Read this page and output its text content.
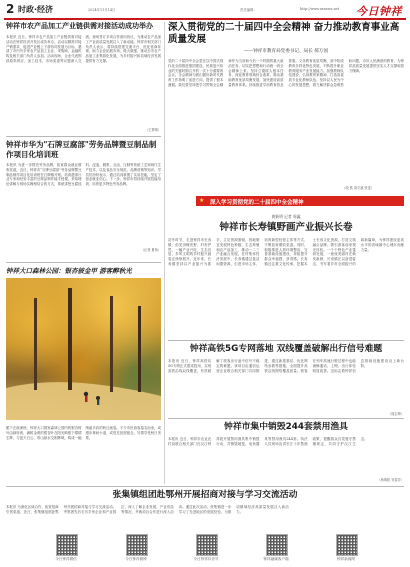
2 时政·经济	2024年11月14日	责任编辑：	http://www.zxnews.net 今日钟祥
钟祥市农产品加工产业链供需对接活动成功举办
本报讯 近日，钟祥市农产品加工产业链供需对接活动在钟祥经济开发区成功举办。活动以精准对接产销需求，促进产业链上下游协同发展为目标，邀请了市内外多家农产品加工企业、采购商、金融机构及相关部门负责人参加。活动现场，企业代表围绕原料供应、加工技术、市场渠道等议题深入交流，现场签订多项合作意向协议，为推动农产品加工产业高质量发展注入了新动能。钟祥市相关部门负责人表示，将持续搭建交流平台，优化营商环境，助力企业拓展市场、做大做强，推动全市农产品加工业集群化发展，为乡村振兴和县域经济发展提供有力支撑。
（王梦晴）
深入贯彻党的二十届四中全会精神 奋力推动教育事业高质量发展
——钟祥市教育局党委书记、局长 郝万国
党的二十届四中全会是在以中国式现代化全面推进强国建设、民族复兴伟业的关键时期召开的一次十分重要的会议。全会精神为我们做好新时代教育工作指明了前进方向、提供了根本遵循。我们要坚持把学习贯彻全会精神作为当前和今后一个时期的重大政治任务，切实把思想和行动统一到全会精神上来。坚持立德树人根本任务，深化教育领域综合改革，推动基础教育优质均衡发展，加快建设高质量教育体系。持续推进学前教育普及普惠、义务教育优质均衡、高中阶段教育多样化特色发展，不断提升职业教育服务产业发展能力。加强教师队伍建设，弘扬教育家精神，打造高素质专业化教师队伍。坚持以人民为中心的发展思想，着力解决群众急难愁盼问题，办好人民满意的教育，为钟祥高质量发展提供坚实人才支撑和智力保障。
（段 燕 周天斌 张雯）
★ 深入学习贯彻党的二十届四中全会精神
钟祥市华为"石牌豆腐部"劳务品牌暨豆制品制作项目化培训班
本报讯 为进一步擦亮劳务品牌，拓宽群众就业增收渠道，近日，钟祥市“石牌豆腐部”劳务品牌暨豆制品制作项目化培训班在石牌镇开班。培训邀请行业专家和经验丰富的豆制品制作能手授课，采取理论讲解与现场实操相结合的方式，系统讲授豆腐选料、浸泡、磨浆、点卤、压制等传统工艺和现代生产技术，以及食品安全规范、品牌营销等知识。学员们纷纷表示，通过培训掌握了实用技能，坚定了创业就业信心。下一步，钟祥市将持续开展技能培训，培育更多特色劳务品牌。
（记者 夏杨）
黄新明 记者 周鑫
钟祥市长寿镇野画产业振兴长卷
初冬时节，走进钟祥市长寿镇，但见田畴沃野、村舍俨然，一幅产业兴旺、生态宜居、乡风文明的乡村振兴画卷正徐徐展开。近年来，长寿镇坚持以产业振兴为抓手，立足资源禀赋，因地制宜发展特色种植、生态养殖和农产品加工，推动一二三产业融合发展。在村集体经济发展中，长寿镇通过盘活闲置资源、引进市场主体、培育新型经营主体等方式，不断拓宽增收渠道。同时，积极推进人居环境整治，完善基础设施建设，持续提升群众幸福感、获得感。长寿镇还注重文化传承，挖掘本土长寿文化资源，打造文旅融合品牌，吸引游客前来观光体验。一个个特色产业蓬勃发展，一座座美丽村庄焕发新颜，长寿镇正以奋进姿态，书写着乡村全面振兴的崭新篇章，为钟祥建设更高水平的省域副中心城市贡献力量。
钟祥大口森林公园：银杏披金甲 游客醉秋光
眼下正值深秋，钟祥大口国家森林公园内的银杏树叶由绿转黄，满树金黄的银杏叶在阳光映照下熠熠生辉，与蓝天白云、青山绿水交相辉映，构成一幅绚丽多彩的秋日画卷。不少市民游客慕名而来，或漫步林间小道，或驻足拍照留念，尽情享受秋日美景。
钟祥高铁5G专网落地 双线覆盖破解出行信号难题
本报讯 近日，钟祥高铁站5G专网正式建成投用，实现高铁沿线双线覆盖，有效破解了旅客出行途中信号不稳定的难题。该项目由通信运营企业联合相关部门共同推进，通过新建基站、优化网络参数等措施，全面提升高铁沿线网络覆盖质量。旅客在列车高速行驶过程中也能流畅通话、上网，出行体验明显改善。这标志着钟祥信息基础设施建设迈上新台阶。
（周宏坤）
钟祥市集中销毁244套禁用渔具
本报讯 近日，钟祥市农业农村局联合相关部门在汉江钟祥段开展禁用渔具集中销毁行动，共销毁地笼、电鱼器具等禁用渔具244套。执法人员现场宣讲长江十年禁渔政策，提醒群众自觉遵守禁捕规定，共同守护汉江生态。
（杨明阳 吴春芳）
张集镇组团赴鄂州开展招商对接与学习交流活动
本报讯 为深化区域合作，拓宽招商引资渠道，近日，张集镇组团赴鄂州开展招商对接与学习交流活动。考察团先后走访多家企业和产业园区，深入了解企业发展、产业布局等情况，并就项目合作进行深入洽谈。通过此次活动，张集镇进一步学习了先进地区的发展经验，为推动镇域经济高质量发展注入新活力。
今日钟祥微信	今日钟祥微博	今日钟祥抖音号	钟祥融媒客户端	钟祥新闻网
